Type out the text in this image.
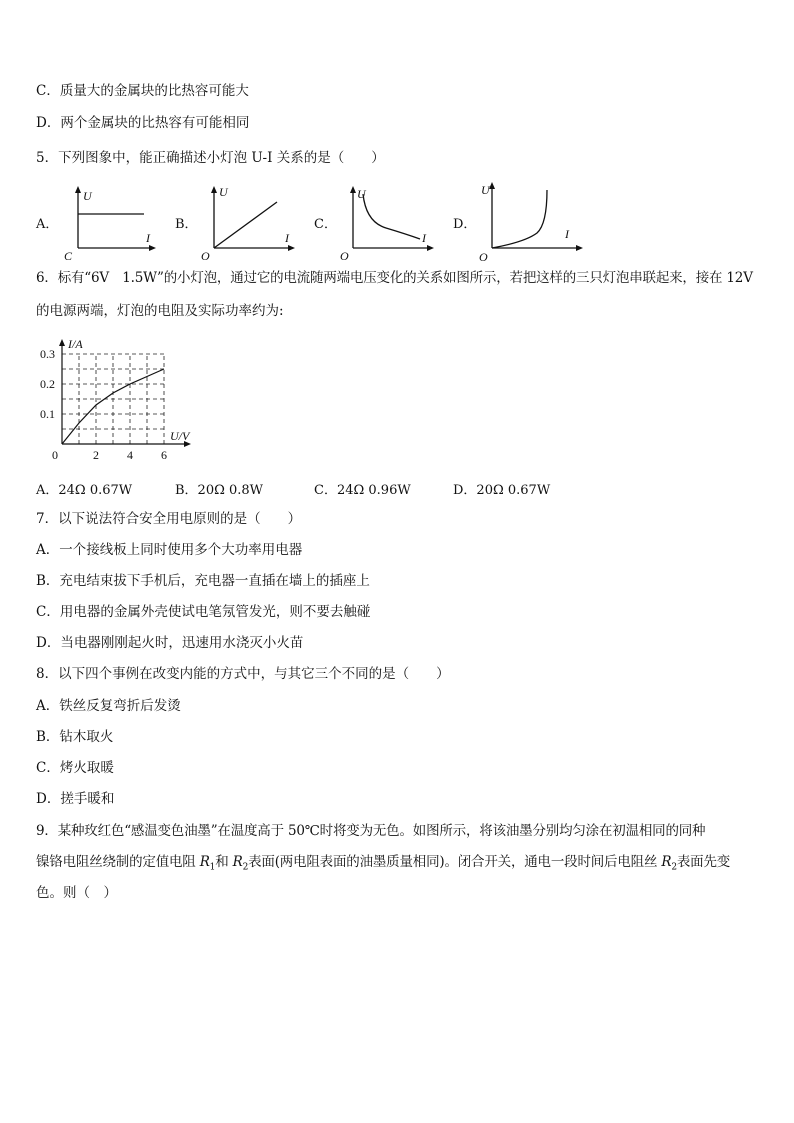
C．质量大的金属块的比热容可能大
D．两个金属块的比热容有可能相同
5．下列图象中，能正确描述小灯泡 U-I 关系的是（　　）
A．
U
I
C
B．
U
I
O
C．
U
I
O
D．
U
I
O
6．标有“6V　1.5W”的小灯泡，通过它的电流随两端电压变化的关系如图所示，若把这样的三只灯泡串联起来，接在 12V
的电源两端，灯泡的电阻及实际功率约为:
0	2 4 6
0.1
0.2
0.3
I/A
U/V
A．24Ω 0.67W	B．20Ω 0.8W	C．24Ω 0.96W	D．20Ω 0.67W
7．以下说法符合安全用电原则的是（　　）
A．一个接线板上同时使用多个大功率用电器
B．充电结束拔下手机后，充电器一直插在墙上的插座上
C．用电器的金属外壳使试电笔氖管发光，则不要去触碰
D．当电器刚刚起火时，迅速用水浇灭小火苗
8．以下四个事例在改变内能的方式中，与其它三个不同的是（　　）
A．铁丝反复弯折后发烫
B．钻木取火
C．烤火取暖
D．搓手暖和
9．某种玫红色“感温变色油墨”在温度高于 50℃时将变为无色。如图所示，将该油墨分别均匀涂在初温相同的同种
镍铬电阻丝绕制的定值电阻 $R_1$和 $R_2$表面(两电阻表面的油墨质量相同)。闭合开关，通电一段时间后电阻丝 $R_2$表面先变
色。则（　）
